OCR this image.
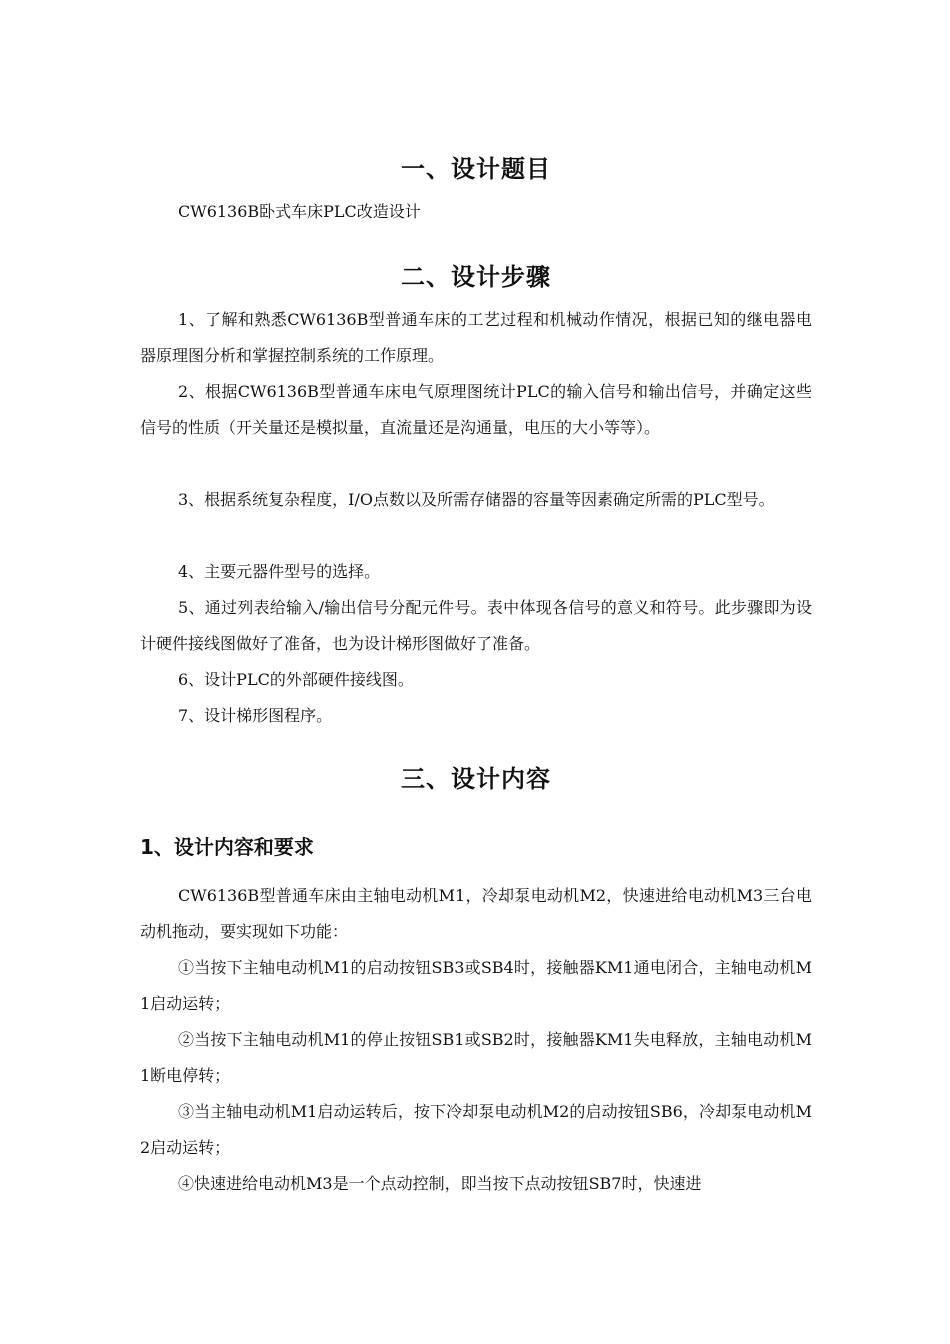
一、设计题目

CW6136B卧式车床PLC改造设计

二、设计步骤

1、了解和熟悉CW6136B型普通车床的工艺过程和机械动作情况，根据已知的继电器电器原理图分析和掌握控制系统的工作原理。

2、根据CW6136B型普通车床电气原理图统计PLC的输入信号和输出信号，并确定这些信号的性质（开关量还是模拟量，直流量还是沟通量，电压的大小等等）。

3、根据系统复杂程度，I/O点数以及所需存储器的容量等因素确定所需的PLC型号。

4、主要元器件型号的选择。

5、通过列表给输入/输出信号分配元件号。表中体现各信号的意义和符号。此步骤即为设计硬件接线图做好了准备，也为设计梯形图做好了准备。

6、设计PLC的外部硬件接线图。

7、设计梯形图程序。

三、设计内容
1、设计内容和要求

CW6136B型普通车床由主轴电动机M1，冷却泵电动机M2，快速进给电动机M3三台电动机拖动，要实现如下功能：

①当按下主轴电动机M1的启动按钮SB3或SB4时，接触器KM1通电闭合，主轴电动机M1启动运转；

②当按下主轴电动机M1的停止按钮SB1或SB2时，接触器KM1失电释放，主轴电动机M1断电停转；

③当主轴电动机M1启动运转后，按下冷却泵电动机M2的启动按钮SB6，冷却泵电动机M2启动运转；

④快速进给电动机M3是一个点动控制，即当按下点动按钮SB7时，快速进
